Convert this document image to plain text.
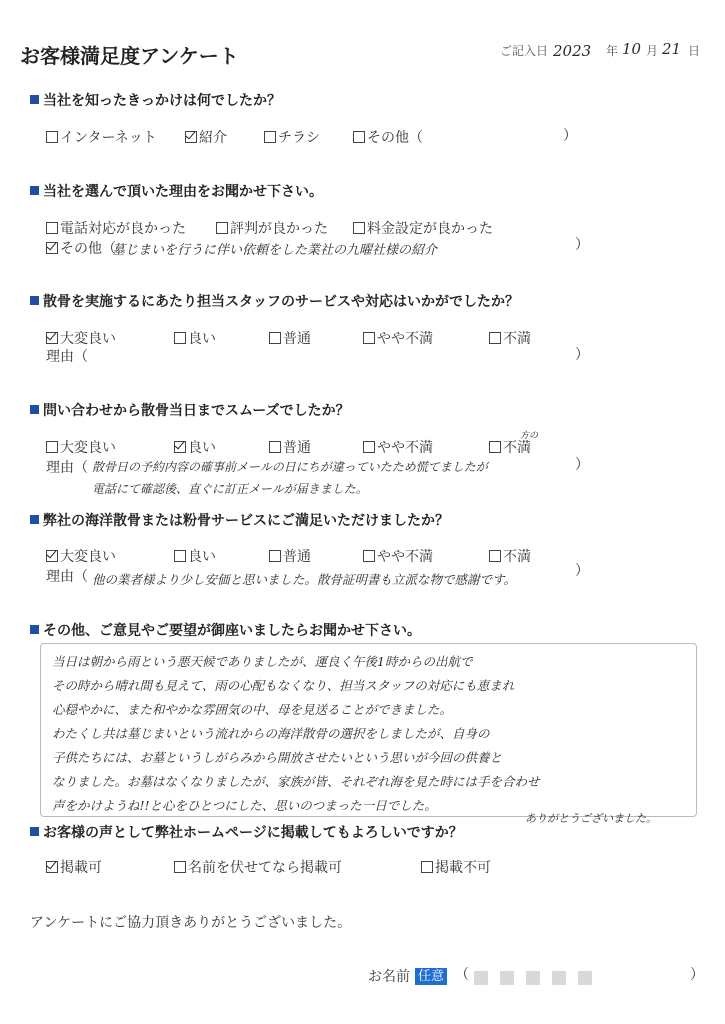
お客様満足度アンケート	ご記入日 2023 年 10 月 21 日
当社を知ったきっかけは何でしたか？
インターネット	紹介	チラシ	その他（	）
当社を選んで頂いた理由をお聞かせ下さい。
電話対応が良かった	評判が良かった	料金設定が良かった
その他（
墓じまいを行うに伴い依頼をした業社の九曜社様の紹介	）
散骨を実施するにあたり担当スタッフのサービスや対応はいかがでしたか？
大変良い	良い	普通	やや不満	不満
理由（	）
問い合わせから散骨当日までスムーズでしたか？
大変良い	良い	普通	やや不満	不満
方の
理由（ 散骨日の予約内容の確事前メールの日にちが違っていたため慌てましたが
電話にて確認後、直ぐに訂正メールが届きました。
）
弊社の海洋散骨または粉骨サービスにご満足いただけましたか？
大変良い	良い	普通	やや不満	不満
理由（ 他の業者様より少し安価と思いました。散骨証明書も立派な物で感謝です。
）
その他、ご意見やご要望が御座いましたらお聞かせ下さい。
当日は朝から雨という悪天候でありましたが、運良く午後1時からの出航で
その時から晴れ間も見えて、雨の心配もなくなり、担当スタッフの対応にも恵まれ
心穏やかに、また和やかな雰囲気の中、母を見送ることができました。
わたくし共は墓じまいという流れからの海洋散骨の選択をしましたが、自身の
子供たちには、お墓というしがらみから開放させたいという思いが今回の供養と
なりました。お墓はなくなりましたが、家族が皆、それぞれ海を見た時には手を合わせ
声をかけようね!!と心をひとつにした、思いのつまった一日でした。
ありがとうございました。
お客様の声として弊社ホームページに掲載してもよろしいですか？
掲載可	名前を伏せてなら掲載可	掲載不可
アンケートにご協力頂きありがとうございました。
お名前 任意 （	）
